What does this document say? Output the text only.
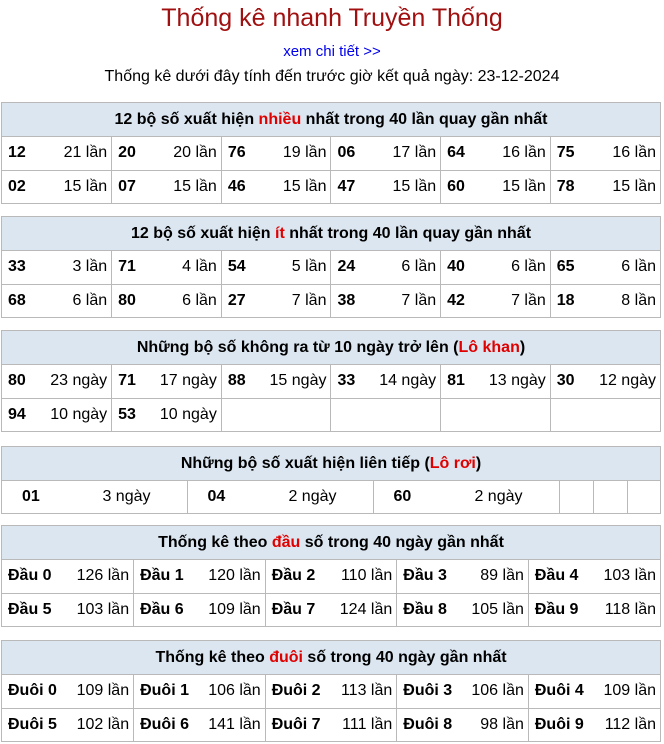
Thống kê nhanh Truyền Thống
xem chi tiết >>
Thống kê dưới đây tính đến trước giờ kết quả ngày: 23-12-2024
12 bộ số xuất hiện nhiều nhất trong 40 lần quay gần nhất
12 21 lần	20 20 lần	76 19 lần	06 17 lần	64 16 lần	75 16 lần

02 15 lần	07 15 lần	46 15 lần	47 15 lần	60 15 lần	78 15 lần
12 bộ số xuất hiện ít nhất trong 40 lần quay gần nhất
33 3 lần	71 4 lần	54 5 lần	24 6 lần	40 6 lần	65 6 lần

68 6 lần	80 6 lần	27 7 lần	38 7 lần	42 7 lần	18 8 lần
Những bộ số không ra từ 10 ngày trở lên (Lô khan)
80 23 ngày	71 17 ngày	88 15 ngày	33 14 ngày	81 13 ngày	30 12 ngày

94 10 ngày	53 10 ngày				

Những bộ số xuất hiện liên tiếp (Lô rơi)
01	3 ngày	04	2 ngày	60	2 ngày

Thống kê theo đầu số trong 40 ngày gần nhất
Đầu 0 126 lần	Đầu 1 120 lần	Đầu 2 110 lần	Đầu 3 89 lần	Đầu 4 103 lần

Đầu 5 103 lần	Đầu 6 109 lần	Đầu 7 124 lần	Đầu 8 105 lần	Đầu 9 118 lần
Thống kê theo đuôi số trong 40 ngày gần nhất
Đuôi 0 109 lần	Đuôi 1 106 lần	Đuôi 2 113 lần	Đuôi 3 106 lần	Đuôi 4 109 lần

Đuôi 5 102 lần	Đuôi 6 141 lần	Đuôi 7 111 lần	Đuôi 8 98 lần	Đuôi 9 112 lần
